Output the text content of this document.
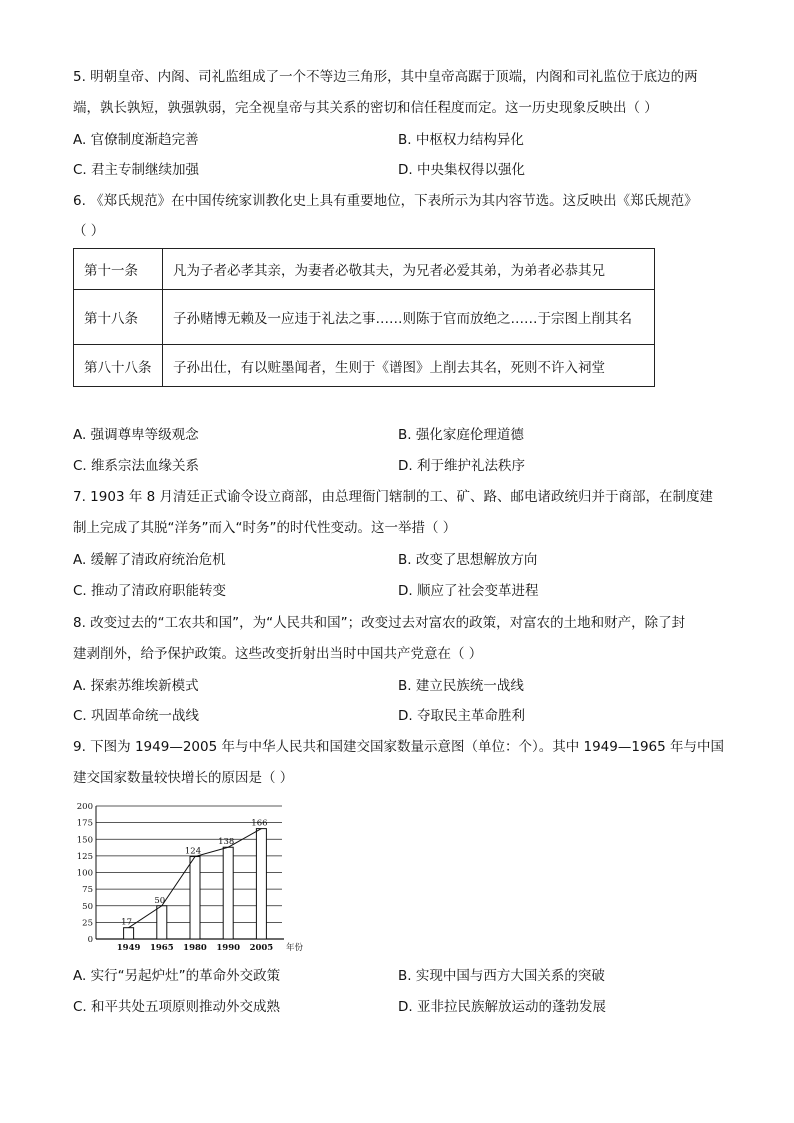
5. 明朝皇帝、内阁、司礼监组成了一个不等边三角形，其中皇帝高踞于顶端，内阁和司礼监位于底边的两
端，孰长孰短，孰强孰弱，完全视皇帝与其关系的密切和信任程度而定。这一历史现象反映出（ ）
A. 官僚制度渐趋完善	B. 中枢权力结构异化
C. 君主专制继续加强	D. 中央集权得以强化
6. 《郑氏规范》在中国传统家训教化史上具有重要地位，下表所示为其内容节选。这反映出《郑氏规范》
（ ）
第十一条	凡为子者必孝其亲，为妻者必敬其夫，为兄者必爱其弟，为弟者必恭其兄
第十八条	子孙赌博无赖及一应违于礼法之事……则陈于官而放绝之……于宗图上削其名
第八十八条	子孙出仕，有以赃墨闻者，生则于《谱图》上削去其名，死则不许入祠堂
A. 强调尊卑等级观念	B. 强化家庭伦理道德
C. 维系宗法血缘关系	D. 利于维护礼法秩序
7. 1903 年 8 月清廷正式谕令设立商部，由总理衙门辖制的工、矿、路、邮电诸政统归并于商部，在制度建
制上完成了其脱“洋务”而入“时务”的时代性变动。这一举措（ ）
A. 缓解了清政府统治危机	B. 改变了思想解放方向
C. 推动了清政府职能转变	D. 顺应了社会变革进程
8. 改变过去的“工农共和国”，为“人民共和国”；改变过去对富农的政策，对富农的土地和财产，除了封
建剥削外，给予保护政策。这些改变折射出当时中国共产党意在（ ）
A. 探索苏维埃新模式	B. 建立民族统一战线
C. 巩固革命统一战线	D. 夺取民主革命胜利
9. 下图为 1949—2005 年与中华人民共和国建交国家数量示意图（单位：个）。其中 1949—1965 年与中国
建交国家数量较快增长的原因是（ ）
0
25
50
75
100
125
150
175
200
17
1949
50
1965
124
1980
138
1990
166
2005 年份
A. 实行“另起炉灶”的革命外交政策	B. 实现中国与西方大国关系的突破
C. 和平共处五项原则推动外交成熟	D. 亚非拉民族解放运动的蓬勃发展
